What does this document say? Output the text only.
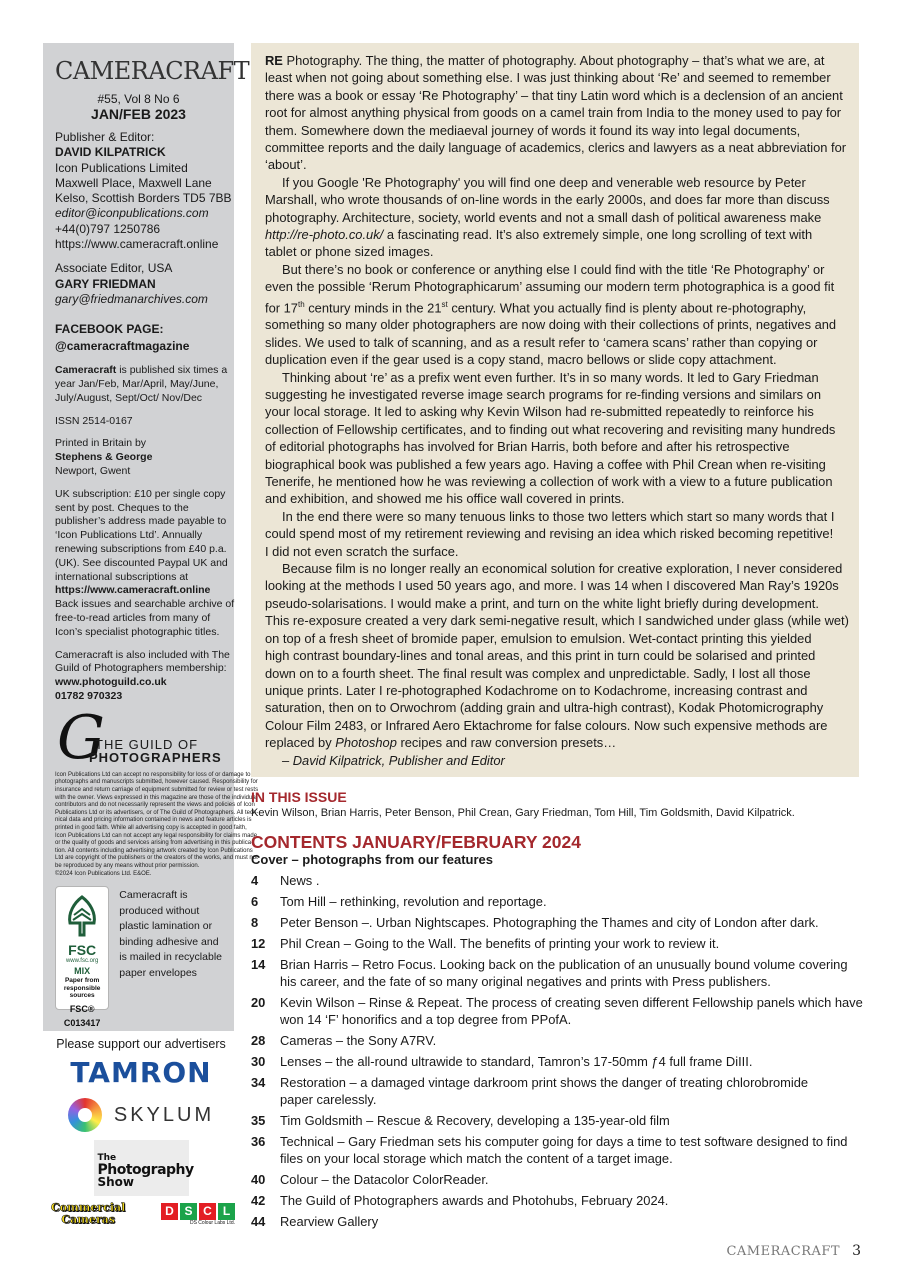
CAMERACRAFT
#55, Vol 8 No 6
JAN/FEB 2023
Publisher & Editor:
DAVID KILPATRICK
Icon Publications Limited
Maxwell Place, Maxwell Lane
Kelso, Scottish Borders TD5 7BB
editor@iconpublications.com
+44(0)797 1250786
https://www.cameracraft.online
Associate Editor, USA
GARY FRIEDMAN
gary@friedmanarchives.com
FACEBOOK PAGE:
@cameracraftmagazine
Cameracraft is published six times a
year Jan/Feb, Mar/April, May/June,
July/August, Sept/Oct/ Nov/Dec
ISSN 2514-0167
Printed in Britain by
Stephens & George
Newport, Gwent
UK subscription: £10 per single copy
sent by post. Cheques to the
publisher’s address made payable to
‘Icon Publications Ltd’. Annually
renewing subscriptions from £40 p.a.
(UK). See discounted Paypal UK and
international subscriptions at
https://www.cameracraft.online
Back issues and searchable archive of
free-to-read articles from many of
Icon’s specialist photographic titles.
Cameracraft is also included with The
Guild of Photographers membership:
www.photoguild.co.uk
01782 970323
G
THE GUILD OF
PHOTOGRAPHERS
Icon Publications Ltd can accept no responsibility for loss of or damage to
photographs and manuscripts submitted, however caused. Responsibility for
insurance and return carriage of equipment submitted for review or test rests
with the owner. Views expressed in this magazine are those of the individual
contributors and do not necessarily represent the views and policies of Icon
Publications Ltd or its advertisers, or of The Guild of Photographers. All tech-
nical data and pricing information contained in news and feature articles is
printed in good faith. While all advertising copy is accepted in good faith,
Icon Publications Ltd can not accept any legal responsibility for claims made
or the quality of goods and services arising from advertising in this publica-
tion. All contents including advertising artwork created by Icon Publications
Ltd are copyright of the publishers or the creators of the works, and must not
be reproduced by any means without prior permission.
©2024 Icon Publications Ltd. E&OE.
FSC
www.fsc.org
MIX
Paper from
responsible sources
FSC® C013417
Cameracraft is
produced without
plastic lamination or
binding adhesive and
is mailed in recyclable
paper envelopes
Please support our advertisers
TAMRON
SKYLUM
The
Photography
Show
Commercial
Cameras
D S C L
DS Colour Labs Ltd.
RE Photography. The thing, the matter of photography. About photography – that’s what we are, at
least when not going about something else. I was just thinking about ‘Re’ and seemed to remember
there was a book or essay ‘Re Photography’ – that tiny Latin word which is a declension of an ancient
root for almost anything physical from goods on a camel train from India to the money used to pay for
them. Somewhere down the mediaeval journey of words it found its way into legal documents,
committee reports and the daily language of academics, clerics and lawyers as a neat abbreviation for
‘about’.
If you Google 'Re Photography' you will find one deep and venerable web resource by Peter
Marshall, who wrote thousands of on-line words in the early 2000s, and does far more than discuss
photography. Architecture, society, world events and not a small dash of political awareness make
http://re-photo.co.uk/ a fascinating read. It’s also extremely simple, one long scrolling of text with
tablet or phone sized images.
But there’s no book or conference or anything else I could find with the title ‘Re Photography’ or
even the possible ‘Rerum Photographicarum’ assuming our modern term photographica is a good fit
for 17th century minds in the 21st century. What you actually find is plenty about re-photography,
something so many older photographers are now doing with their collections of prints, negatives and
slides. We used to talk of scanning, and as a result refer to ‘camera scans’ rather than copying or
duplication even if the gear used is a copy stand, macro bellows or slide copy attachment.
Thinking about ‘re’ as a prefix went even further. It’s in so many words. It led to Gary Friedman
suggesting he investigated reverse image search programs for re-finding versions and similars on
your local storage. It led to asking why Kevin Wilson had re-submitted repeatedly to reinforce his
collection of Fellowship certificates, and to finding out what recovering and revisiting many hundreds
of editorial photographs has involved for Brian Harris, both before and after his retrospective
biographical book was published a few years ago. Having a coffee with Phil Crean when re-visiting
Tenerife, he mentioned how he was reviewing a collection of work with a view to a future publication
and exhibition, and showed me his office wall covered in prints.
In the end there were so many tenuous links to those two letters which start so many words that I
could spend most of my retirement reviewing and revising an idea which risked becoming repetitive!
I did not even scratch the surface.
Because film is no longer really an economical solution for creative exploration, I never considered
looking at the methods I used 50 years ago, and more. I was 14 when I discovered Man Ray’s 1920s
pseudo-solarisations. I would make a print, and turn on the white light briefly during development.
This re-exposure created a very dark semi-negative result, which I sandwiched under glass (while wet)
on top of a fresh sheet of bromide paper, emulsion to emulsion. Wet-contact printing this yielded
high contrast boundary-lines and tonal areas, and this print in turn could be solarised and printed
down on to a fourth sheet. The final result was complex and unpredictable. Sadly, I lost all those
unique prints. Later I re-photographed Kodachrome on to Kodachrome, increasing contrast and
saturation, then on to Orwochrom (adding grain and ultra-high contrast), Kodak Photomicrography
Colour Film 2483, or Infrared Aero Ektachrome for false colours. Now such expensive methods are
replaced by Photoshop recipes and raw conversion presets…
– David Kilpatrick, Publisher and Editor
IN THIS ISSUE
Kevin Wilson, Brian Harris, Peter Benson, Phil Crean, Gary Friedman, Tom Hill, Tim Goldsmith, David Kilpatrick.
CONTENTS JANUARY/FEBRUARY 2024
Cover – photographs from our features
4	News .
6	Tom Hill – rethinking, revolution and reportage.
8	Peter Benson –. Urban Nightscapes. Photographing the Thames and city of London after dark.
12	Phil Crean – Going to the Wall. The benefits of printing your work to review it.
14	Brian Harris – Retro Focus. Looking back on the publication of an unusually bound volume covering
his career, and the fate of so many original negatives and prints with Press publishers.
20	Kevin Wilson – Rinse & Repeat. The process of creating seven different Fellowship panels which have
won 14 ‘F’ honorifics and a top degree from PPofA.
28	Cameras – the Sony A7RV.
30	Lenses – the all-round ultrawide to standard, Tamron’s 17-50mm ƒ4 full frame DiIII.
34	Restoration – a damaged vintage darkroom print shows the danger of treating chlorobromide
paper carelessly.
35	Tim Goldsmith – Rescue & Recovery, developing a 135-year-old film
36	Technical – Gary Friedman sets his computer going for days a time to test software designed to find
files on your local storage which match the content of a target image.
40	Colour – the Datacolor ColorReader.
42	The Guild of Photographers awards and Photohubs, February 2024.
44	Rearview Gallery
CAMERACRAFT 3
